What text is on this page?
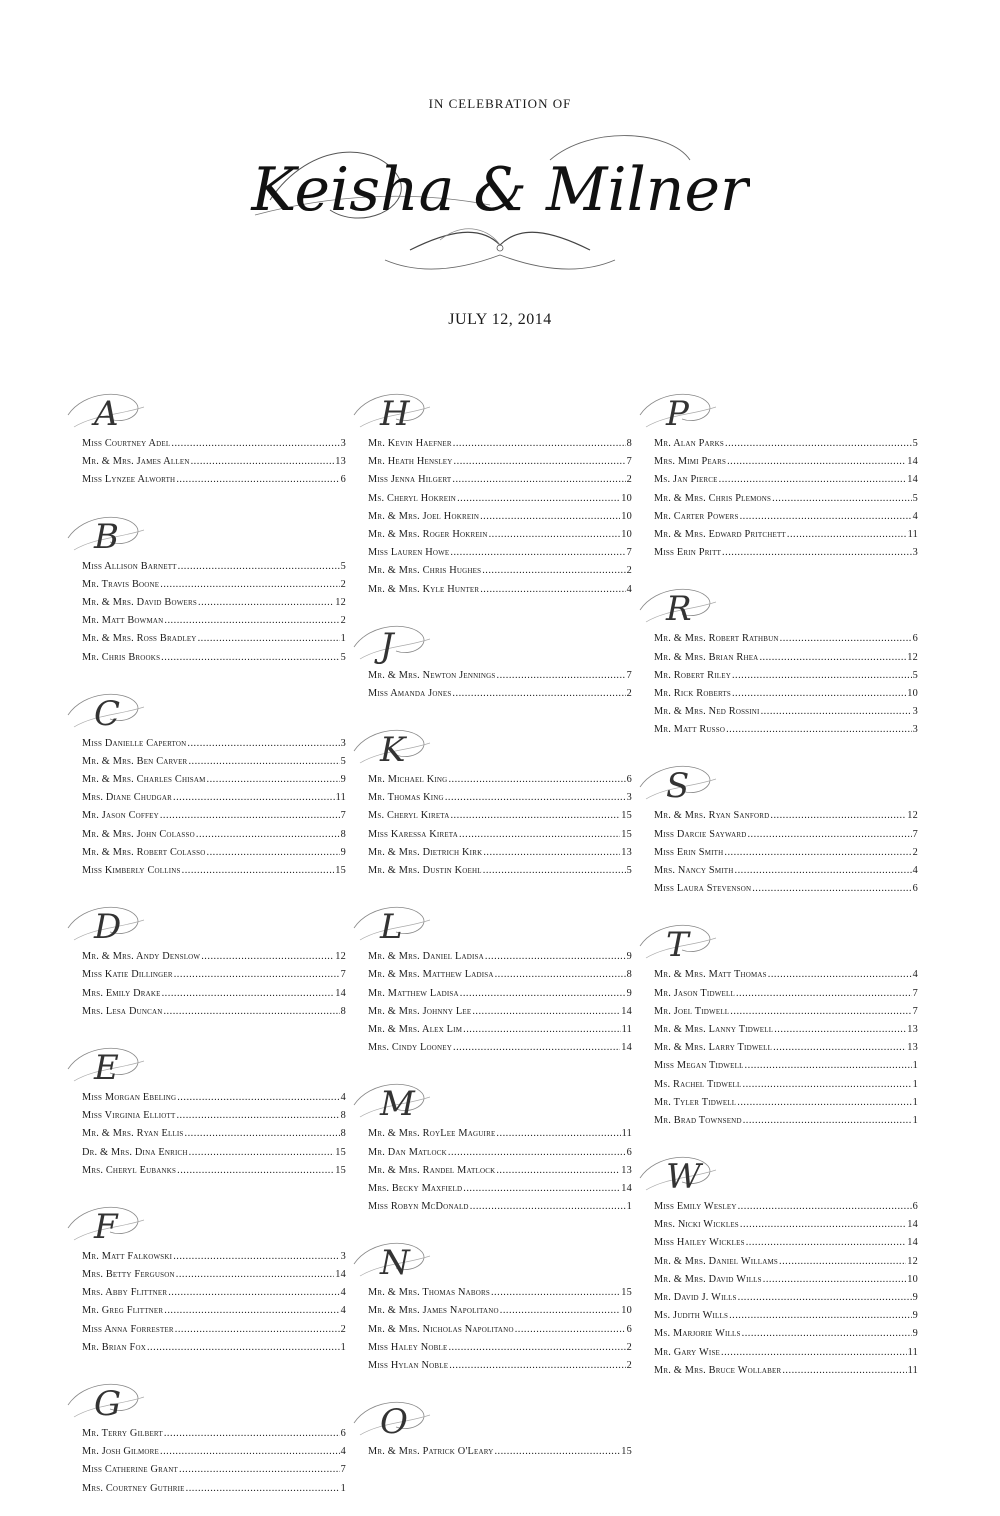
IN CELEBRATION OF
Keisha & Milner
JULY 12, 2014
A
Miss Courtney Adel .....	3
Mr. & Mrs. James Allen .....	13
Miss Lynzee Alworth .....	6
B
Miss Allison Barnett .....	5
Mr. Travis Boone .....	2
Mr. & Mrs. David Bowers .....	12
Mr. Matt Bowman .....	2
Mr. & Mrs. Ross Bradley .....	1
Mr. Chris Brooks .....	5
C
Miss Danielle Caperton .....	3
Mr. & Mrs. Ben Carver .....	5
Mr. & Mrs. Charles Chisam .....	9
Mrs. Diane Chudgar .....	11
Mr. Jason Coffey .....	7
Mr. & Mrs. John Colasso .....	8
Mr. & Mrs. Robert Colasso .....	9
Miss Kimberly Collins .....	15
D
Mr. & Mrs. Andy Denslow .....	12
Miss Katie Dillinger .....	7
Mrs. Emily Drake .....	14
Mrs. Lesa Duncan .....	8
E
Miss Morgan Ebeling .....	4
Miss Virginia Elliott .....	8
Mr. & Mrs. Ryan Ellis .....	8
Dr. & Mrs. Dina Enrich .....	15
Mrs. Cheryl Eubanks .....	15
F
Mr. Matt Falkowski .....	3
Mrs. Betty Ferguson .....	14
Mrs. Abby Flittner .....	4
Mr. Greg Flittner .....	4
Miss Anna Forrester .....	2
Mr. Brian Fox .....	1
G
Mr. Terry Gilbert .....	6
Mr. Josh Gilmore .....	4
Miss Catherine Grant .....	7
Mrs. Courtney Guthrie .....	1
H
Mr. Kevin Haefner .....	8
Mr. Heath Hensley .....	7
Miss Jenna Hilgert .....	2
Ms. Cheryl Hokrein .....	10
Mr. & Mrs. Joel Hokrein .....	10
Mr. & Mrs. Roger Hokrein .....	10
Miss Lauren Howe .....	7
Mr. & Mrs. Chris Hughes .....	2
Mr. & Mrs. Kyle Hunter .....	4
J
Mr. & Mrs. Newton Jennings .....	7
Miss Amanda Jones .....	2
K
Mr. Michael King .....	6
Mr. Thomas King .....	3
Ms. Cheryl Kireta .....	15
Miss Karessa Kireta .....	15
Mr. & Mrs. Dietrich Kirk .....	13
Mr. & Mrs. Dustin Koehl .....	5
L
Mr. & Mrs. Daniel Ladisa .....	9
Mr. & Mrs. Matthew Ladisa .....	8
Mr. Matthew Ladisa .....	9
Mr. & Mrs. Johnny Lee .....	14
Mr. & Mrs. Alex Lim .....	11
Mrs. Cindy Looney .....	14
M
Mr. & Mrs. RoyLee Maguire .....	11
Mr. Dan Matlock .....	6
Mr. & Mrs. Randel Matlock .....	13
Mrs. Becky Maxfield .....	14
Miss Robyn McDonald .....	1
N
Mr. & Mrs. Thomas Nabors .....	15
Mr. & Mrs. James Napolitano .....	10
Mr. & Mrs. Nicholas Napolitano .....	6
Miss Haley Noble .....	2
Miss Hylan Noble .....	2
O
Mr. & Mrs. Patrick O'Leary .....	15
P
Mr. Alan Parks .....	5
Mrs. Mimi Pears .....	14
Ms. Jan Pierce .....	14
Mr. & Mrs. Chris Plemons .....	5
Mr. Carter Powers .....	4
Mr. & Mrs. Edward Pritchett .....	11
Miss Erin Pritt .....	3
R
Mr. & Mrs. Robert Rathbun .....	6
Mr. & Mrs. Brian Rhea .....	12
Mr. Robert Riley .....	5
Mr. Rick Roberts .....	10
Mr. & Mrs. Ned Rossini .....	3
Mr. Matt Russo .....	3
S
Mr. & Mrs. Ryan Sanford .....	12
Miss Darcie Sayward .....	7
Miss Erin Smith .....	2
Mrs. Nancy Smith .....	4
Miss Laura Stevenson .....	6
T
Mr. & Mrs. Matt Thomas .....	4
Mr. Jason Tidwell .....	7
Mr. Joel Tidwell .....	7
Mr. & Mrs. Lanny Tidwell .....	13
Mr. & Mrs. Larry Tidwell .....	13
Miss Megan Tidwell .....	1
Ms. Rachel Tidwell .....	1
Mr. Tyler Tidwell .....	1
Mr. Brad Townsend .....	1
W
Miss Emily Wesley .....	6
Mrs. Nicki Wickles .....	14
Miss Hailey Wickles .....	14
Mr. & Mrs. Daniel Willams .....	12
Mr. & Mrs. David Wills .....	10
Mr. David J. Wills .....	9
Ms. Judith Wills .....	9
Ms. Marjorie Wills .....	9
Mr. Gary Wise .....	11
Mr. & Mrs. Bruce Wollaber .....	11
